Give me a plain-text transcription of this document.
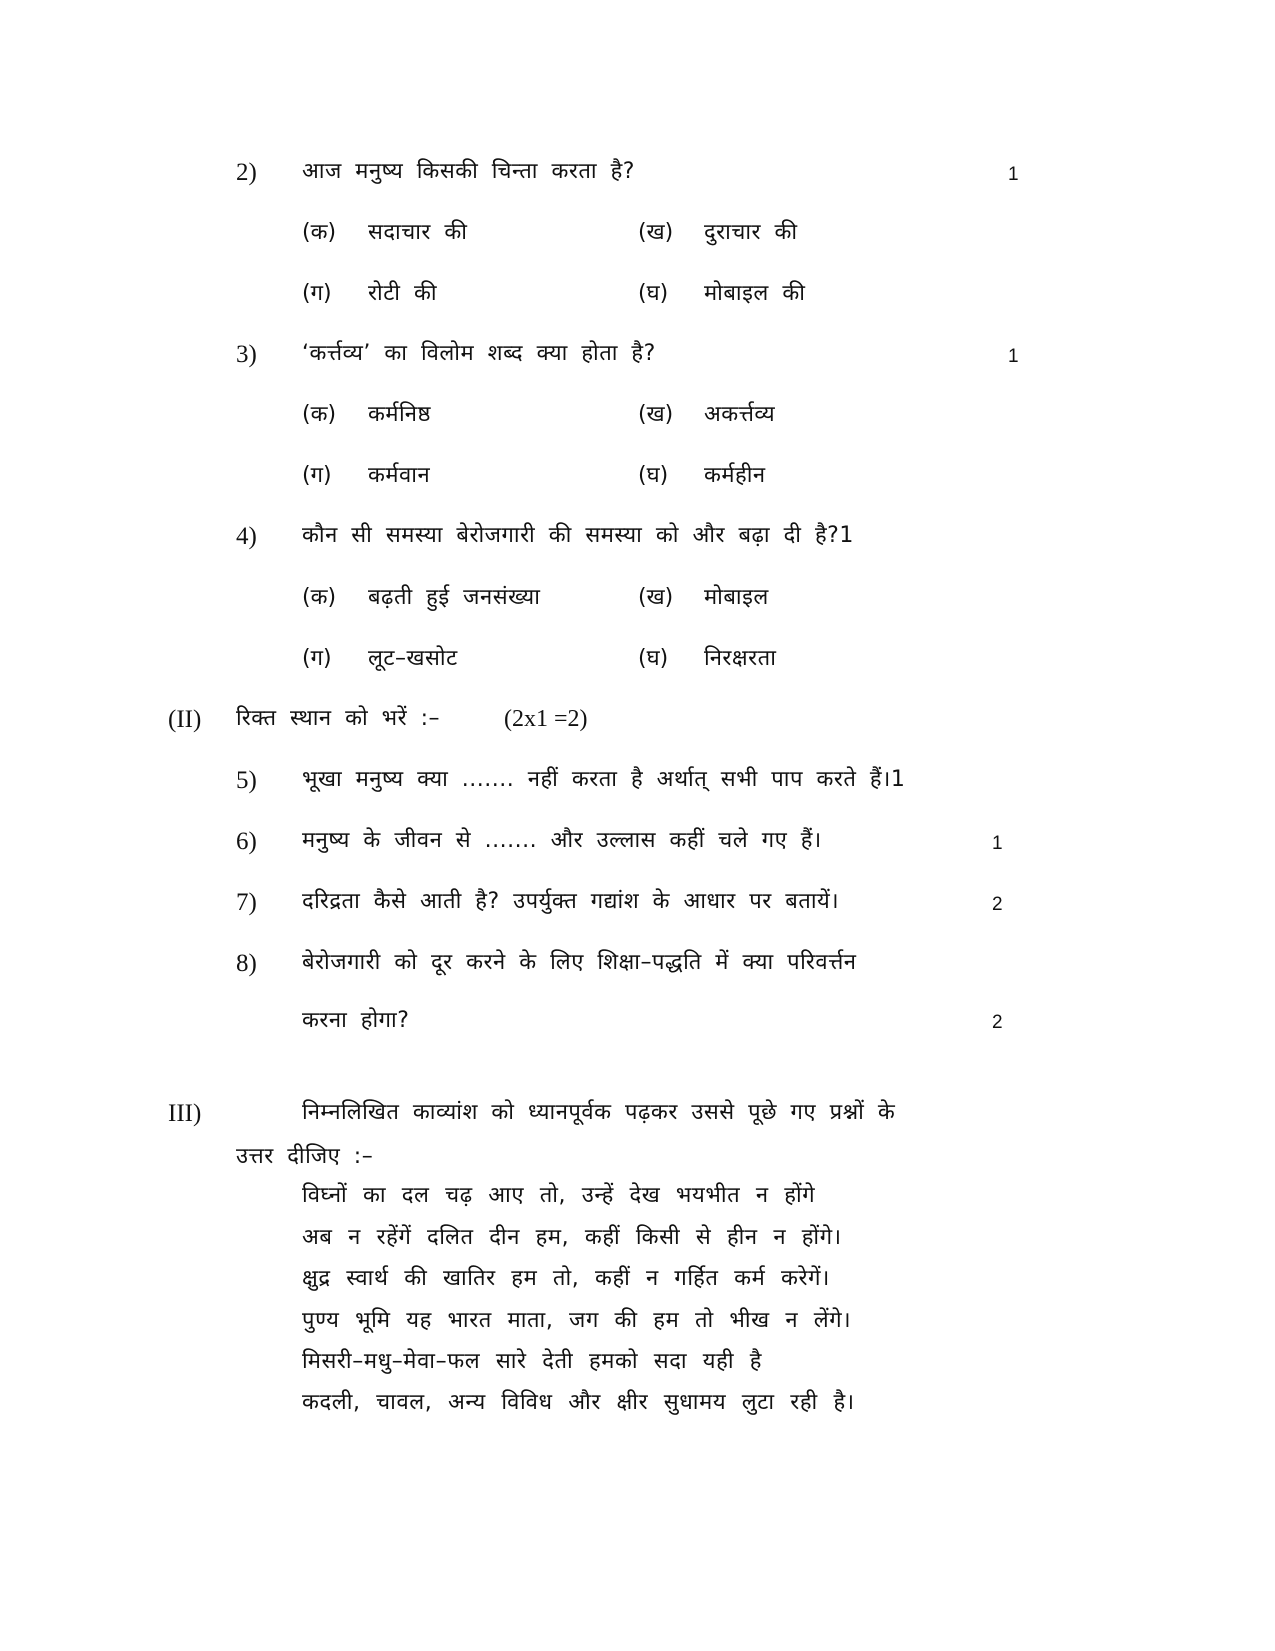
2) आज मनुष्य किसकी चिन्ता करता है?	1
(क) सदाचार की	(ख) दुराचार की
(ग) रोटी की	(घ) मोबाइल की
3) ‘कर्त्तव्य’ का विलोम शब्द क्या होता है?	1
(क) कर्मनिष्ठ	(ख) अकर्त्तव्य
(ग) कर्मवान	(घ) कर्महीन
4) कौन सी समस्या बेरोजगारी की समस्या को और बढ़ा दी है?1
(क) बढ़ती हुई जनसंख्या	(ख) मोबाइल
(ग) लूट–खसोट	(घ) निरक्षरता
(II) रिक्त स्थान को भरें :–	(2x1 =2)
5) भूखा मनुष्य क्या ....... नहीं करता है अर्थात् सभी पाप करते हैं।1
6) मनुष्य के जीवन से ....... और उल्लास कहीं चले गए हैं।	1
7) दरिद्रता कैसे आती है? उपर्युक्त गद्यांश के आधार पर बतायें।	2
8) बेरोजगारी को दूर करने के लिए शिक्षा–पद्धति में क्या परिवर्त्तन
करना होगा?	2
III)	निम्नलिखित काव्यांश को ध्यानपूर्वक पढ़कर उससे पूछे गए प्रश्नों के
उत्तर दीजिए :–
विघ्नों का दल चढ़ आए तो, उन्हें देख भयभीत न होंगे
अब न रहेंगें दलित दीन हम, कहीं किसी से हीन न होंगे।
क्षुद्र स्वार्थ की खातिर हम तो, कहीं न गर्हित कर्म करेगें।
पुण्य भूमि यह भारत माता, जग की हम तो भीख न लेंगे।
मिसरी–मधु–मेवा–फल सारे देती हमको सदा यही है
कदली, चावल, अन्य विविध और क्षीर सुधामय लुटा रही है।
